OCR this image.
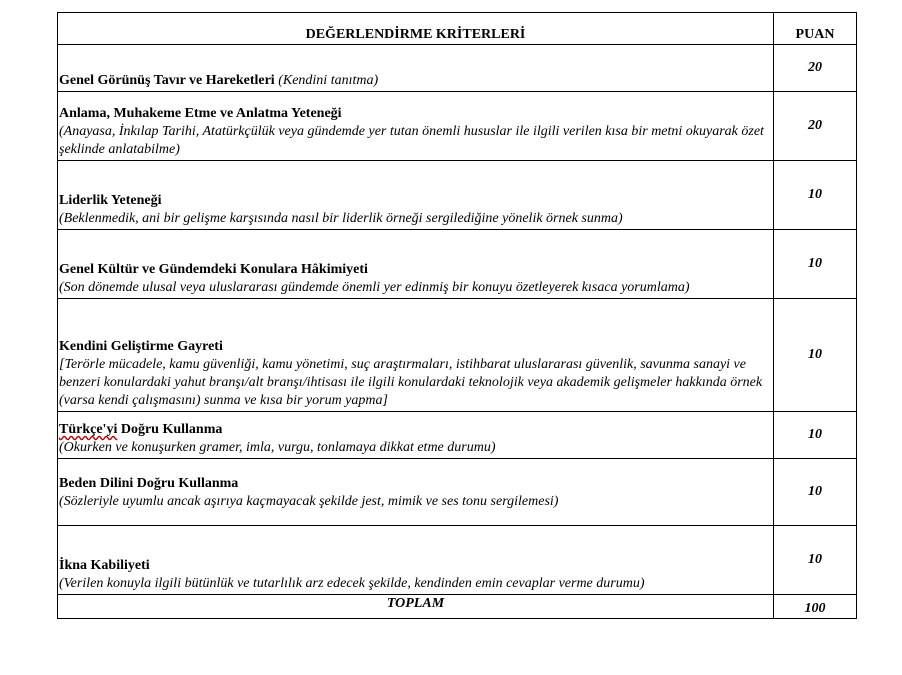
DEĞERLENDİRME KRİTERLERİ	PUAN
Genel Görünüş Tavır ve Hareketleri (Kendini tanıtma)	20
Anlama, Muhakeme Etme ve Anlatma Yeteneği
(Anayasa, İnkılap Tarihi, Atatürkçülük veya gündemde yer tutan önemli hususlar ile ilgili verilen kısa bir metni okuyarak özet şeklinde anlatabilme)	20
Liderlik Yeteneği
(Beklenmedik, ani bir gelişme karşısında nasıl bir liderlik örneği sergilediğine yönelik örnek sunma)	10
Genel Kültür ve Gündemdeki Konulara Hâkimiyeti
(Son dönemde ulusal veya uluslararası gündemde önemli yer edinmiş bir konuyu özetleyerek kısaca yorumlama)	10
Kendini Geliştirme Gayreti
[Terörle mücadele, kamu güvenliği, kamu yönetimi, suç araştırmaları, istihbarat uluslararası güvenlik, savunma sanayi ve benzeri konulardaki yahut branşı/alt branşı/ihtisası ile ilgili konulardaki teknolojik veya akademik gelişmeler hakkında örnek (varsa kendi çalışmasını) sunma ve kısa bir yorum yapma]	10
Türkçe'yi Doğru Kullanma
(Okurken ve konuşurken gramer, imla, vurgu, tonlamaya dikkat etme durumu)	10
Beden Dilini Doğru Kullanma
(Sözleriyle uyumlu ancak aşırıya kaçmayacak şekilde jest, mimik ve ses tonu sergilemesi)	10
İkna Kabiliyeti
(Verilen konuyla ilgili bütünlük ve tutarlılık arz edecek şekilde, kendinden emin cevaplar verme durumu)	10
TOPLAM	100
